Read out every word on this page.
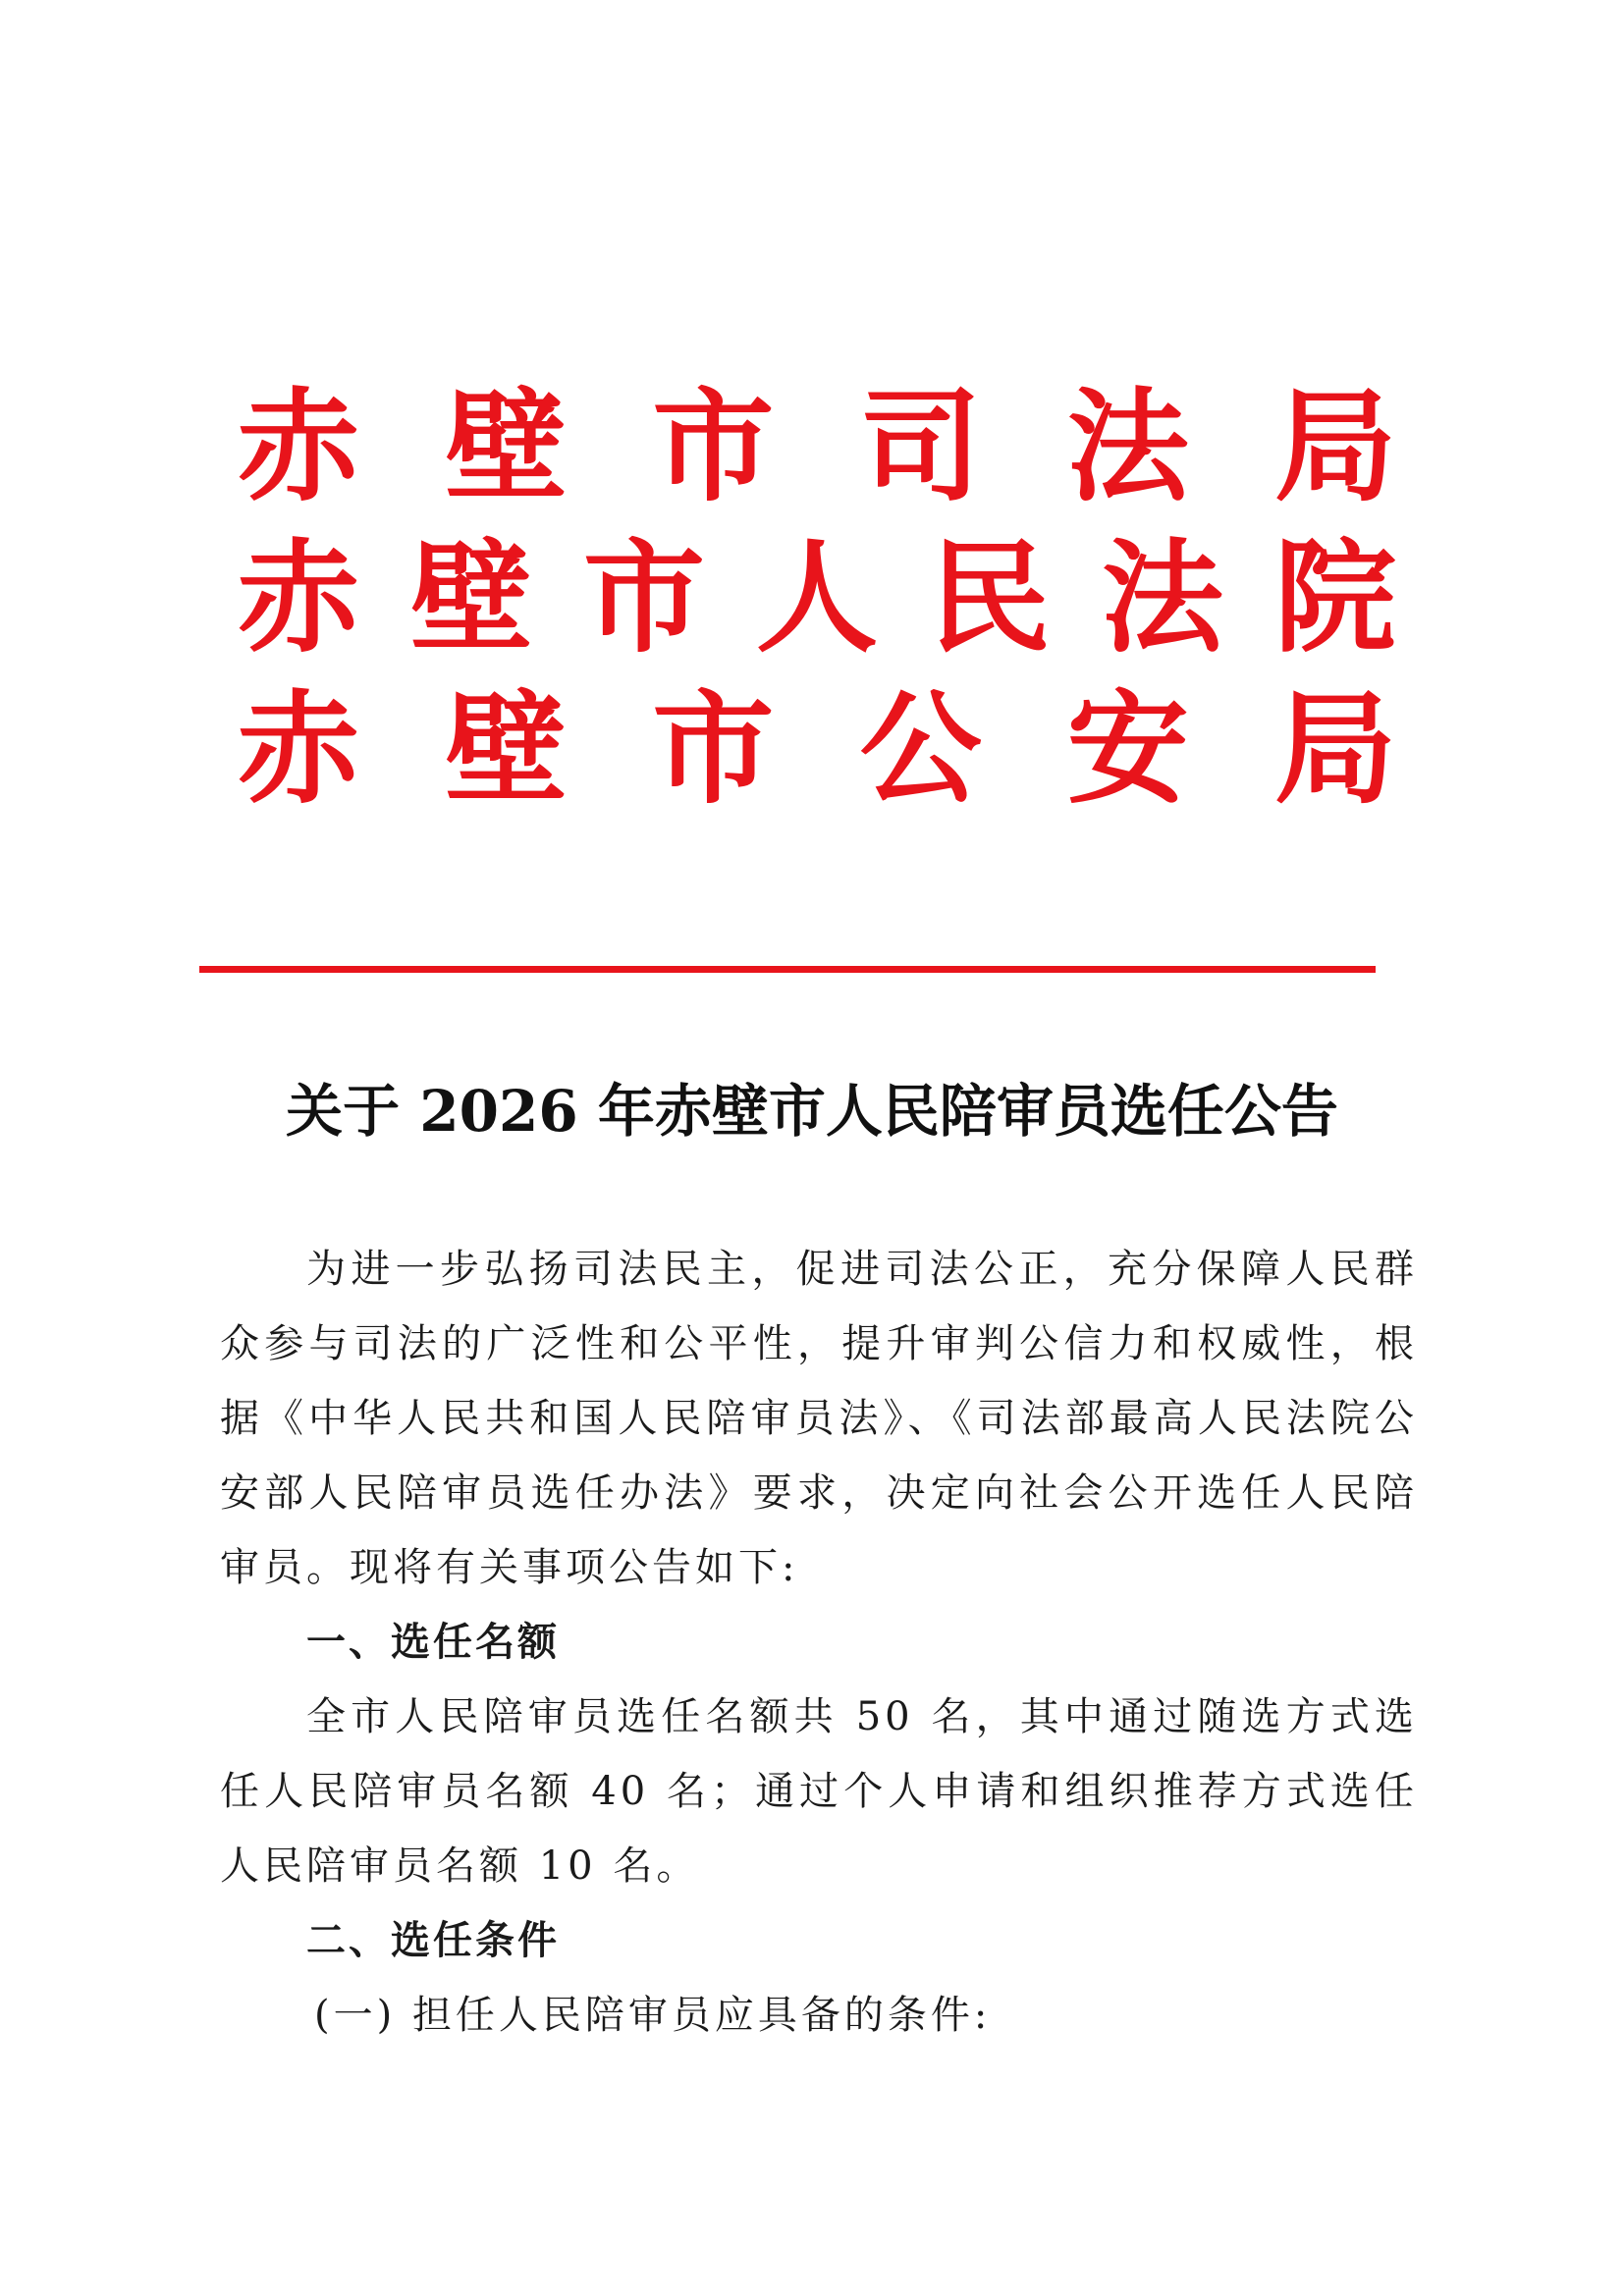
赤 壁 市 司 法 局
赤 壁 市 人 民 法 院
赤 壁 市 公 安 局
关于 2026 年赤壁市人民陪审员选任公告

为进一步弘扬司法民主，促进司法公正，充分保障人民群众参与司法的广泛性和公平性，提升审判公信力和权威性，根据《中华人民共和国人民陪审员法》、《司法部最高人民法院公安部人民陪审员选任办法》要求，决定向社会公开选任人民陪审员。现将有关事项公告如下:

一、选任名额

全市人民陪审员选任名额共 50 名，其中通过随选方式选任人民陪审员名额 40 名；通过个人申请和组织推荐方式选任人民陪审员名额 10 名。

二、选任条件

(一) 担任人民陪审员应具备的条件:
